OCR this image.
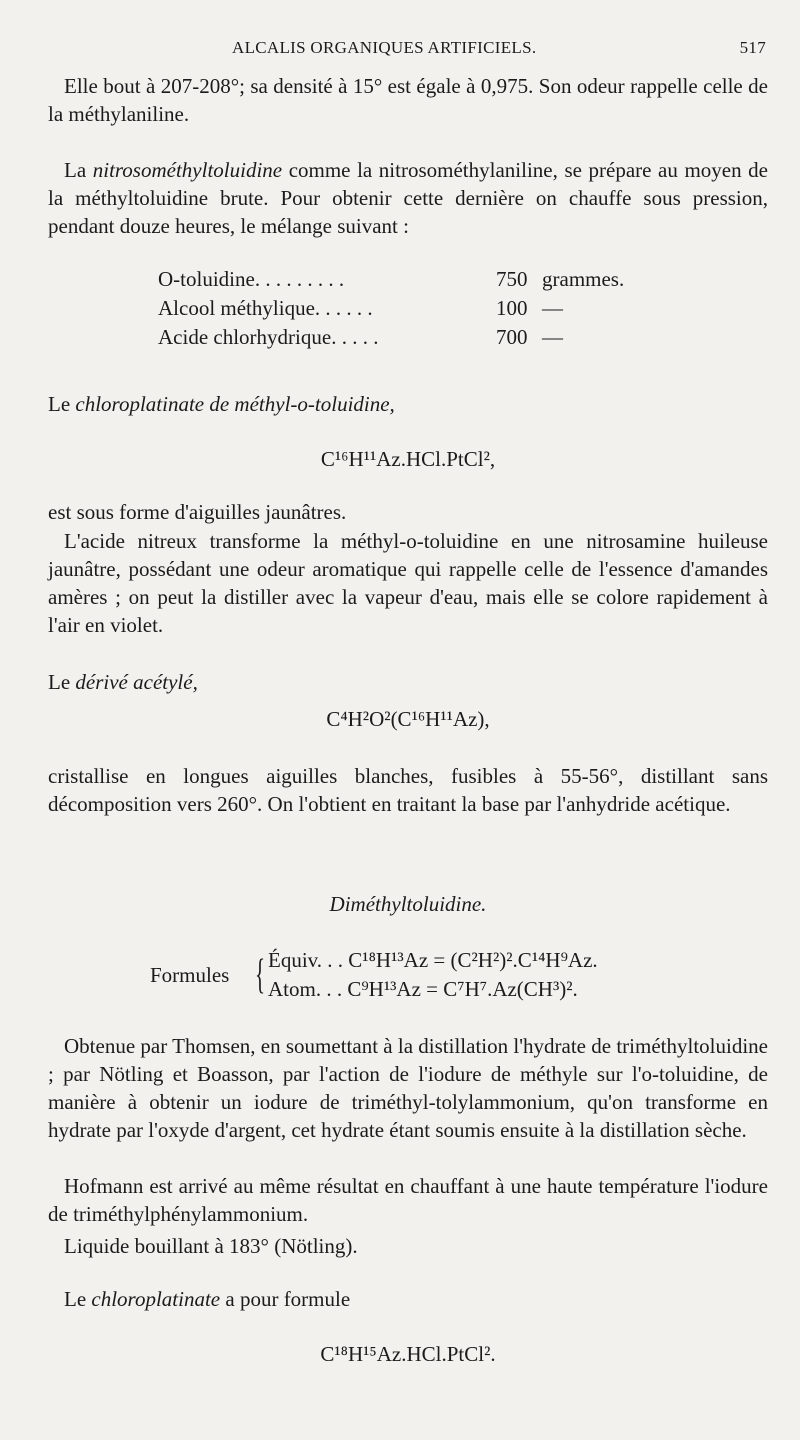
ALCALIS ORGANIQUES ARTIFICIELS.	517
Elle bout à 207-208°; sa densité à 15° est égale à 0,975. Son odeur rappelle celle de la méthylaniline.
La nitrosométhyltoluidine comme la nitrosométhylaniline, se prépare au moyen de la méthyltoluidine brute. Pour obtenir cette dernière on chauffe sous pression, pendant douze heures, le mélange suivant :
O-toluidine. . . . . . . . .	750 grammes.
Alcool méthylique. . . . . .	100 —
Acide chlorhydrique. . . . .	700 —
Le chloroplatinate de méthyl-o-toluidine,
C¹⁶H¹¹Az.HCl.PtCl²,
est sous forme d'aiguilles jaunâtres.
L'acide nitreux transforme la méthyl-o-toluidine en une nitrosamine huileuse jaunâtre, possédant une odeur aromatique qui rappelle celle de l'essence d'amandes amères ; on peut la distiller avec la vapeur d'eau, mais elle se colore rapidement à l'air en violet.
Le dérivé acétylé,
C⁴H²O²(C¹⁶H¹¹Az),
cristallise en longues aiguilles blanches, fusibles à 55-56°, distillant sans décomposition vers 260°. On l'obtient en traitant la base par l'anhydride acétique.
Diméthyltoluidine.
Formules { Équiv. . . C¹⁸H¹³Az = (C²H²)².C¹⁴H⁹Az.
Atom. . . C⁹H¹³Az = C⁷H⁷.Az(CH³)².
Obtenue par Thomsen, en soumettant à la distillation l'hydrate de triméthyltoluidine ; par Nötling et Boasson, par l'action de l'iodure de méthyle sur l'o-toluidine, de manière à obtenir un iodure de triméthyl-tolylammonium, qu'on transforme en hydrate par l'oxyde d'argent, cet hydrate étant soumis ensuite à la distillation sèche.
Hofmann est arrivé au même résultat en chauffant à une haute température l'iodure de triméthylphénylammonium.
Liquide bouillant à 183° (Nötling).
Le chloroplatinate a pour formule
C¹⁸H¹⁵Az.HCl.PtCl².
